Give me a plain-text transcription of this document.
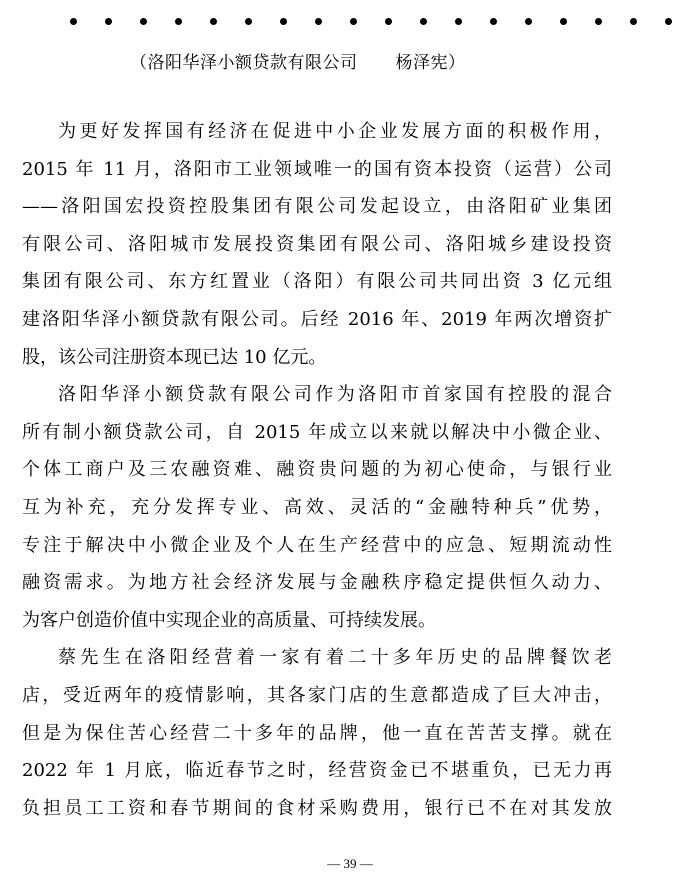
（洛阳华泽小额贷款有限公司 杨泽宪）
为更好发挥国有经济在促进中小企业发展方面的积极作用，
2015 年 11 月，洛阳市工业领域唯一的国有资本投资（运营）公司
——洛阳国宏投资控股集团有限公司发起设立，由洛阳矿业集团
有限公司、洛阳城市发展投资集团有限公司、洛阳城乡建设投资
集团有限公司、东方红置业（洛阳）有限公司共同出资 3 亿元组
建洛阳华泽小额贷款有限公司。后经 2016 年、2019 年两次增资扩
股，该公司注册资本现已达 10 亿元。
洛阳华泽小额贷款有限公司作为洛阳市首家国有控股的混合
所有制小额贷款公司，自 2015 年成立以来就以解决中小微企业、
个体工商户及三农融资难、融资贵问题的为初心使命，与银行业
互为补充，充分发挥专业、高效、灵活的“金融特种兵”优势，
专注于解决中小微企业及个人在生产经营中的应急、短期流动性
融资需求。为地方社会经济发展与金融秩序稳定提供恒久动力、
为客户创造价值中实现企业的高质量、可持续发展。
蔡先生在洛阳经营着一家有着二十多年历史的品牌餐饮老
店，受近两年的疫情影响，其各家门店的生意都造成了巨大冲击，
但是为保住苦心经营二十多年的品牌，他一直在苦苦支撑。就在
2022 年 1 月底，临近春节之时，经营资金已不堪重负，已无力再
负担员工工资和春节期间的食材采购费用，银行已不在对其发放
— 39 —
